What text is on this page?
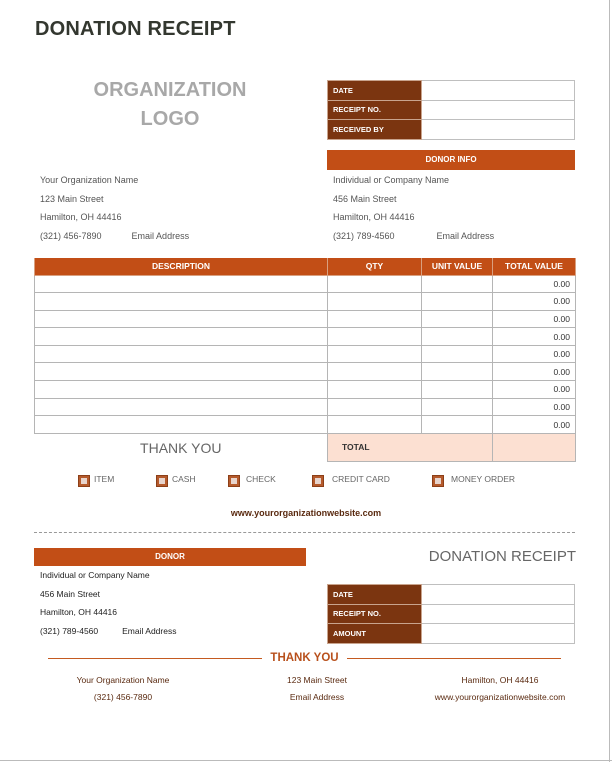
DONATION RECEIPT
ORGANIZATION
LOGO
DATE	
RECEIPT NO.	
RECEIVED BY	
DONOR INFO
Your Organization Name
123 Main Street
Hamilton, OH 44416
(321) 456-7890	Email Address
Individual or Company Name
456 Main Street
Hamilton, OH 44416
(321) 789-4560	Email Address
DESCRIPTION	QTY	UNIT VALUE	TOTAL VALUE
			0.00
			0.00
			0.00
			0.00
			0.00
			0.00
			0.00
			0.00
			0.00
THANK YOU	TOTAL		
ITEM	CASH	CHECK	CREDIT CARD	MONEY ORDER
www.yourorganizationwebsite.com
DONOR	DONATION RECEIPT
Individual or Company Name
456 Main Street
Hamilton, OH 44416
(321) 789-4560	Email Address
DATE	
RECEIPT NO.	
AMOUNT	
THANK YOU
Your Organization Name
(321) 456-7890
123 Main Street
Email Address
Hamilton, OH 44416
www.yourorganizationwebsite.com
